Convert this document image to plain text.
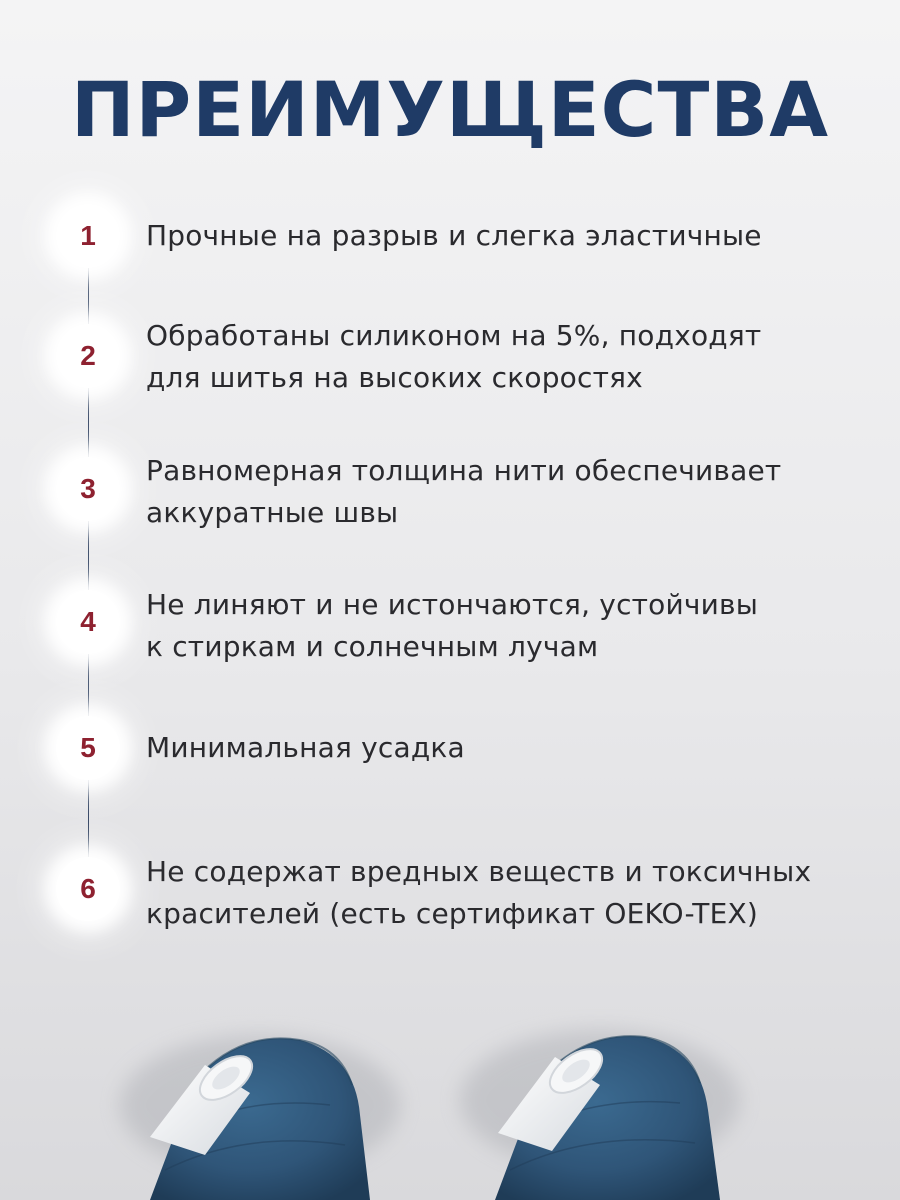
ПРЕИМУЩЕСТВА
1	Прочные на разрыв и слегка эластичные

2

Обработаны силиконом на 5%, подходят
для шитья на высоких скоростях

3

Равномерная толщина нити обеспечивает
аккуратные швы

4

Не линяют и не истончаются, устойчивы
к стиркам и солнечным лучам

5	Минимальная усадка

6

Не содержат вредных веществ и токсичных
красителей (есть сертификат OEKO-TEX)
